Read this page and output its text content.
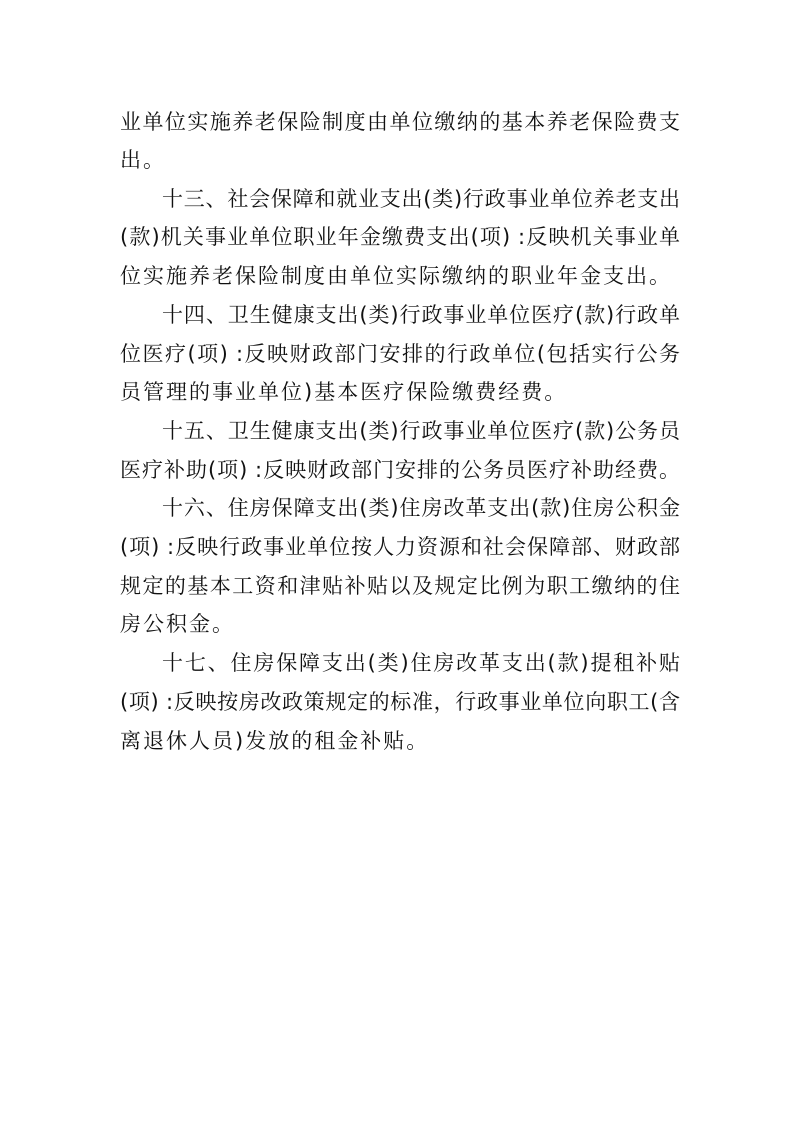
业单位实施养老保险制度由单位缴纳的基本养老保险费支
出。
十三、社会保障和就业支出(类)行政事业单位养老支出
(款)机关事业单位职业年金缴费支出(项) :反映机关事业单
位实施养老保险制度由单位实际缴纳的职业年金支出。
十四、卫生健康支出(类)行政事业单位医疗(款)行政单
位医疗(项) :反映财政部门安排的行政单位(包括实行公务
员管理的事业单位)基本医疗保险缴费经费。
十五、卫生健康支出(类)行政事业单位医疗(款)公务员
医疗补助(项) :反映财政部门安排的公务员医疗补助经费。
十六、住房保障支出(类)住房改革支出(款)住房公积金
(项) :反映行政事业单位按人力资源和社会保障部、财政部
规定的基本工资和津贴补贴以及规定比例为职工缴纳的住
房公积金。
十七、住房保障支出(类)住房改革支出(款)提租补贴
(项) :反映按房改政策规定的标准，行政事业单位向职工(含
离退休人员)发放的租金补贴。
